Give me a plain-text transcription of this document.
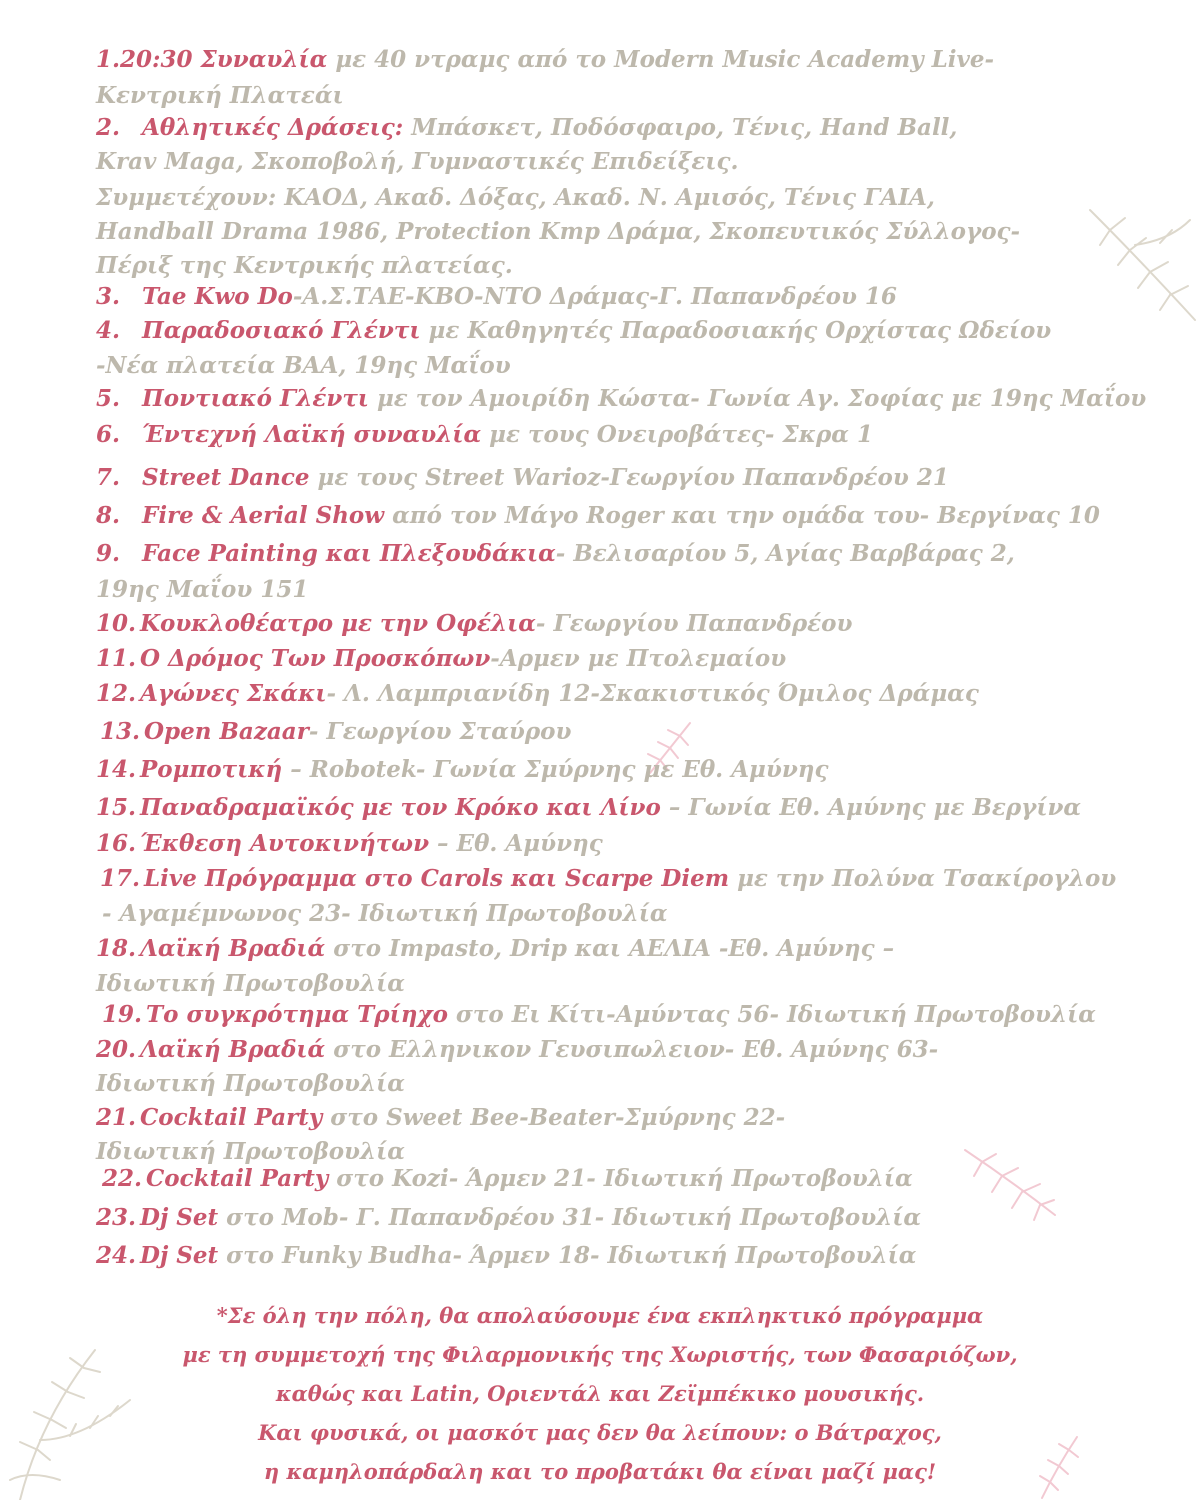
1.20:30 Συναυλία με 40 ντραμς από το Modern Music Academy Live-
Κεντρική Πλατεάι
2. Αθλητικές Δράσεις: Μπάσκετ, Ποδόσφαιρο, Τένις, Hand Ball,
Krav Maga, Σκοποβολή, Γυμναστικές Επιδείξεις.
Συμμετέχουν: ΚΑΟΔ, Ακαδ. Δόξας, Ακαδ. Ν. Αμισός, Τένις ΓΑΙΑ,
Handball Drama 1986, Protection Kmp Δράμα, Σκοπευτικός Σύλλογος-
Πέριξ της Κεντρικής πλατείας.
3. Tae Kwo Do-Α.Σ.ΤΑΕ-ΚΒΟ-ΝΤΟ Δράμας-Γ. Παπανδρέου 16
4. Παραδοσιακό Γλέντι με Καθηγητές Παραδοσιακής Ορχίστας Ωδείου
-Νέα πλατεία ΒΑΑ, 19ης Μαΐου
5. Ποντιακό Γλέντι με τον Αμοιρίδη Κώστα- Γωνία Αγ. Σοφίας με 19ης Μαΐου
6. Έντεχνή Λαϊκή συναυλία με τους Ονειροβάτες- Σκρα 1
7. Street Dance με τους Street Warioz-Γεωργίου Παπανδρέου 21
8. Fire & Aerial Show από τον Μάγο Roger και την ομάδα του- Βεργίνας 10
9. Face Painting και Πλεξουδάκια- Βελισαρίου 5, Αγίας Βαρβάρας 2,
19ης Μαΐου 151
10. Κουκλοθέατρο με την Οφέλια- Γεωργίου Παπανδρέου
11. Ο Δρόμος Των Προσκόπων-Αρμεν με Πτολεμαίου
12. Αγώνες Σκάκι- Λ. Λαμπριανίδη 12-Σκακιστικός Όμιλος Δράμας
13. Open Bazaar- Γεωργίου Σταύρου
14. Ρομποτική – Robotek- Γωνία Σμύρνης με Εθ. Αμύνης
15. Παναδραμαϊκός με τον Κρόκο και Λίνο – Γωνία Εθ. Αμύνης με Βεργίνα
16. Έκθεση Αυτοκινήτων – Εθ. Αμύνης
17. Live Πρόγραμμα στο Carols και Scarpe Diem με την Πολύνα Τσακίρογλου
- Αγαμέμνωνος 23- Ιδιωτική Πρωτοβουλία
18. Λαϊκή Βραδιά στο Impasto, Drip και ΑΕΛΙΑ -Εθ. Αμύνης –
Ιδιωτική Πρωτοβουλία
19. Το συγκρότημα Τρίηχο στο Ει Κίτι-Αμύντας 56- Ιδιωτική Πρωτοβουλία
20. Λαϊκή Βραδιά στο Ελληνικον Γευσιπωλειον- Εθ. Αμύνης 63-
Ιδιωτική Πρωτοβουλία
21. Cocktail Party στο Sweet Bee-Beater-Σμύρνης 22-
Ιδιωτική Πρωτοβουλία
22. Cocktail Party στο Kozi- Άρμεν 21- Ιδιωτική Πρωτοβουλία
23. Dj Set στο Mob- Γ. Παπανδρέου 31- Ιδιωτική Πρωτοβουλία
24. Dj Set στο Funky Budha- Άρμεν 18- Ιδιωτική Πρωτοβουλία
*Σε όλη την πόλη, θα απολαύσουμε ένα εκπληκτικό πρόγραμμα
με τη συμμετοχή της Φιλαρμονικής της Χωριστής, των Φασαριόζων,
καθώς και Latin, Οριεντάλ και Ζεϊμπέκικο μουσικής.
Και φυσικά, οι μασκότ μας δεν θα λείπουν: ο Βάτραχος,
η καμηλοπάρδαλη και το προβατάκι θα είναι μαζί μας!
